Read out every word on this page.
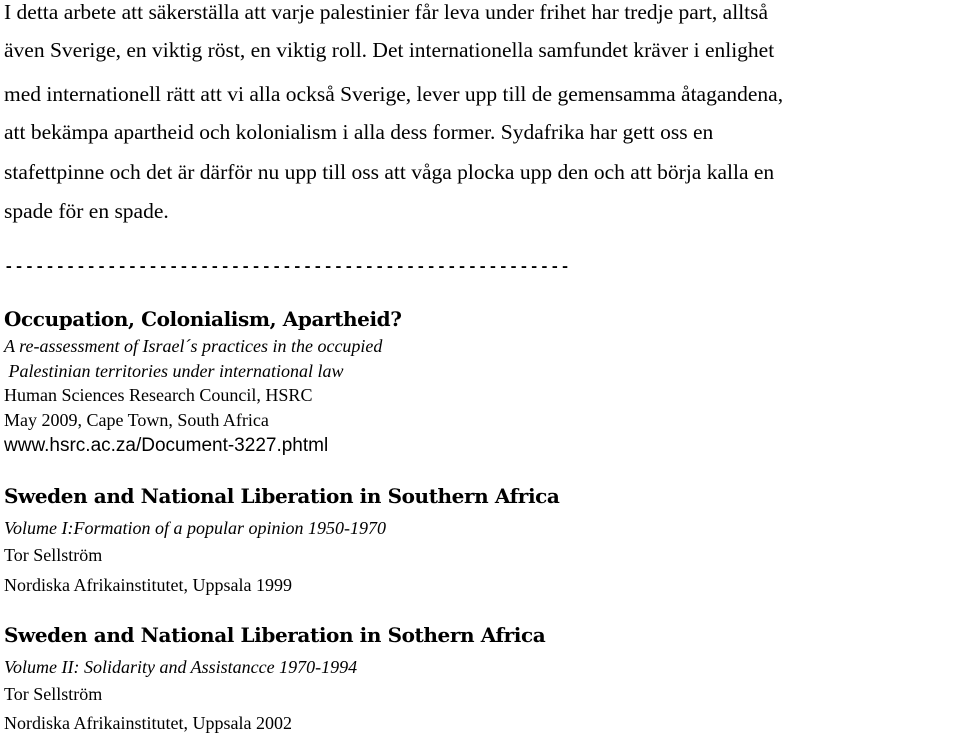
I detta arbete att säkerställa att varje palestinier får leva under frihet har tredje part, alltså
även Sverige, en viktig röst, en viktig roll. Det internationella samfundet kräver i enlighet
med internationell rätt att vi alla också Sverige, lever upp till de gemensamma åtagandena,
att bekämpa apartheid och kolonialism i alla dess former. Sydafrika har gett oss en
stafettpinne och det är därför nu upp till oss att våga plocka upp den och att börja kalla en
spade för en spade.
-------------------------------------------------------
Occupation, Colonialism, Apartheid?
A re-assessment of Israel´s practices in the occupied
Palestinian territories under international law
Human Sciences Research Council, HSRC
May 2009, Cape Town, South Africa
www.hsrc.ac.za/Document-3227.phtml
Sweden and National Liberation in Southern Africa
Volume I:Formation of a popular opinion 1950-1970
Tor Sellström
Nordiska Afrikainstitutet, Uppsala 1999
Sweden and National Liberation in Sothern Africa
Volume II: Solidarity and Assistancce 1970-1994
Tor Sellström
Nordiska Afrikainstitutet, Uppsala 2002
